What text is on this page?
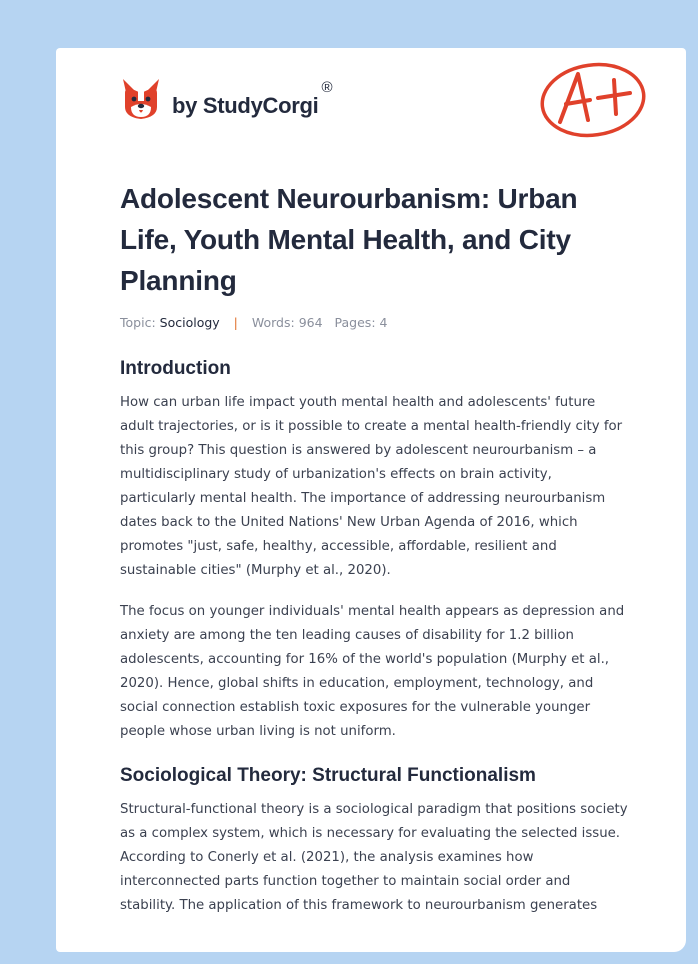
by StudyCorgi
®
Adolescent Neurourbanism: Urban Life, Youth Mental Health, and City Planning
Topic: Sociology | Words: 964 Pages: 4
Introduction

How can urban life impact youth mental health and adolescents' future adult trajectories, or is it possible to create a mental health-friendly city for this group? This question is answered by adolescent neurourbanism – a multidisciplinary study of urbanization's effects on brain activity, particularly mental health. The importance of addressing neurourbanism dates back to the United Nations' New Urban Agenda of 2016, which promotes "just, safe, healthy, accessible, affordable, resilient and sustainable cities" (Murphy et al., 2020).

The focus on younger individuals' mental health appears as depression and anxiety are among the ten leading causes of disability for 1.2 billion adolescents, accounting for 16% of the world's population (Murphy et al., 2020). Hence, global shifts in education, employment, technology, and social connection establish toxic exposures for the vulnerable younger people whose urban living is not uniform.

Sociological Theory: Structural Functionalism

Structural-functional theory is a sociological paradigm that positions society as a complex system, which is necessary for evaluating the selected issue. According to Conerly et al. (2021), the analysis examines how interconnected parts function together to maintain social order and stability. The application of this framework to neurourbanism generates
